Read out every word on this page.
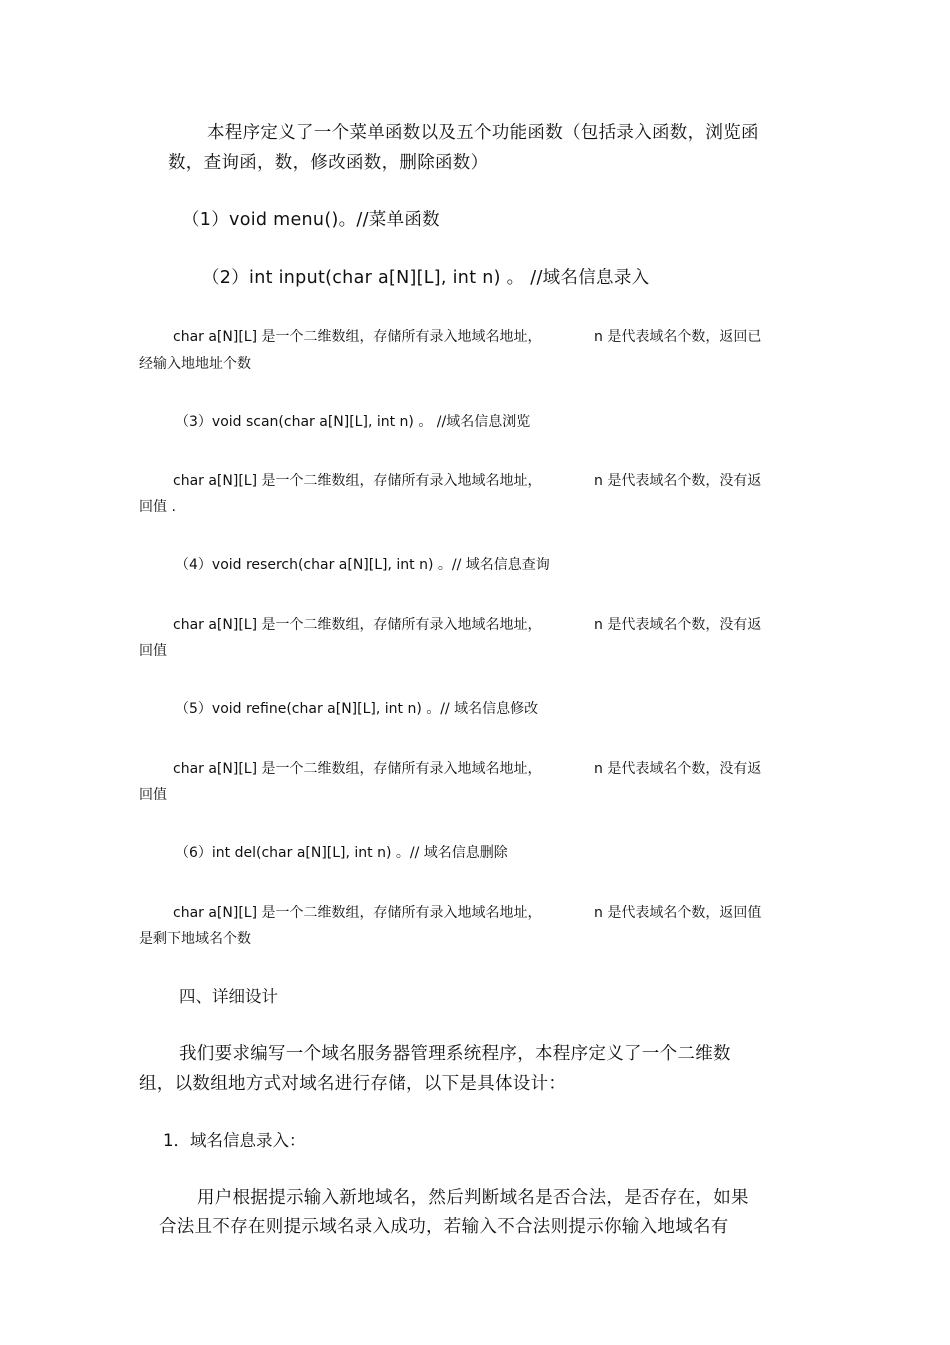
本程序定义了一个菜单函数以及五个功能函数（包括录入函数，浏览函
数，查询函，数，修改函数，删除函数）
（1）void menu()。//菜单函数
（2）int input(char a[N][L], int n) 。 //域名信息录入
char a[N][L] 是一个二维数组，存储所有录入地域名地址，	n 是代表域名个数，返回已
经输入地地址个数
（3）void scan(char a[N][L], int n) 。 //域名信息浏览
char a[N][L] 是一个二维数组，存储所有录入地域名地址，	n 是代表域名个数，没有返
回值 .
（4）void reserch(char a[N][L], int n) 。// 域名信息查询
char a[N][L] 是一个二维数组，存储所有录入地域名地址，	n 是代表域名个数，没有返
回值
（5）void refine(char a[N][L], int n) 。// 域名信息修改
char a[N][L] 是一个二维数组，存储所有录入地域名地址，	n 是代表域名个数，没有返
回值
（6）int del(char a[N][L], int n) 。// 域名信息删除
char a[N][L] 是一个二维数组，存储所有录入地域名地址，	n 是代表域名个数，返回值
是剩下地域名个数
四、详细设计
我们要求编写一个域名服务器管理系统程序，本程序定义了一个二维数
组，以数组地方式对域名进行存储，以下是具体设计：
1．域名信息录入：
用户根据提示输入新地域名，然后判断域名是否合法，是否存在，如果
合法且不存在则提示域名录入成功，若输入不合法则提示你输入地域名有
